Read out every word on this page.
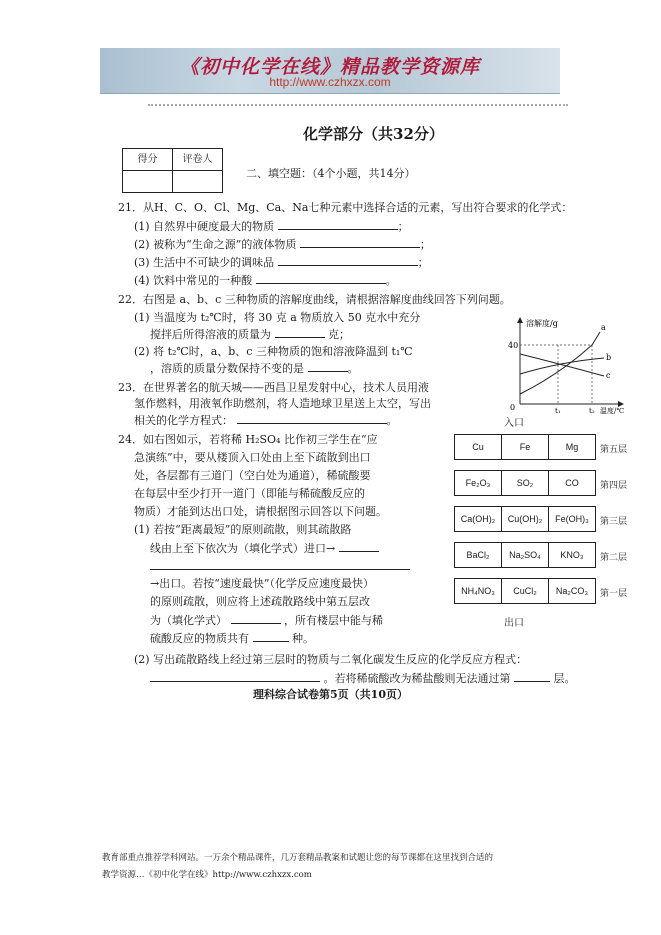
《初中化学在线》精品教学资源库
http://www.czhxzx.com
化学部分（共32分）
得分	评卷人

二、填空题：（4个小题，共14分）
21．从H、C、O、Cl、Mg、Ca、Na七种元素中选择合适的元素，写出符合要求的化学式：
(1) 自然界中硬度最大的物质	；
(2) 被称为“生命之源”的液体物质	；
(3) 生活中不可缺少的调味品	；
(4) 饮料中常见的一种酸	。
22．右图是 a、b、c 三种物质的溶解度曲线，请根据溶解度曲线回答下列问题。
(1) 当温度为 t₂℃时，将 30 克 a 物质放入 50 克水中充分
搅拌后所得溶液的质量为	克；
(2) 将 t₂℃时，a、b、c 三种物质的饱和溶液降温到 t₁℃
，溶质的质量分数保持不变的是	。
溶解度/g
40
0
a
b
c
t₁	t₂ 温度/℃
23．在世界著名的航天城——西昌卫星发射中心，技术人员用液
氢作燃料，用液氧作助燃剂，将人造地球卫星送上太空，写出
相关的化学方程式：	。
24．如右图如示，若将稀 H₂SO₄ 比作初三学生在“应
急演练”中，要从楼顶入口处由上至下疏散到出口
处，各层都有三道门（空白处为通道），稀硫酸要
在每层中至少打开一道门（即能与稀硫酸反应的
物质）才能到达出口处，请根据图示回答以下问题。
(1) 若按“距离最短”的原则疏散，则其疏散路
线由上至下依次为（填化学式）进口→
→出口。若按“速度最快”（化学反应速度最快）
的原则疏散，则应将上述疏散路线中第五层改
为（填化学式）	，所有楼层中能与稀
硫酸反应的物质共有	种。
(2) 写出疏散路线上经过第三层时的物质与二氧化碳发生反应的化学反应方程式：
。若将稀硫酸改为稀盐酸则无法通过第	层。
入口
出口
Cu	Fe	Mg	第五层
Fe₂O₃	SO₂	CO	第四层
Ca(OH)₂	Cu(OH)₂	Fe(OH)₃	第三层
BaCl₂	Na₂SO₄	KNO₃	第二层
NH₄NO₃	CuCl₂	Na₂CO₃	第一层
理科综合试卷第5页（共10页）
教育部重点推荐学科网站。一万余个精品课件，几万套精品教案和试题让您的每节课都在这里找到合适的
教学资源…《初中化学在线》http://www.czhxzx.com
